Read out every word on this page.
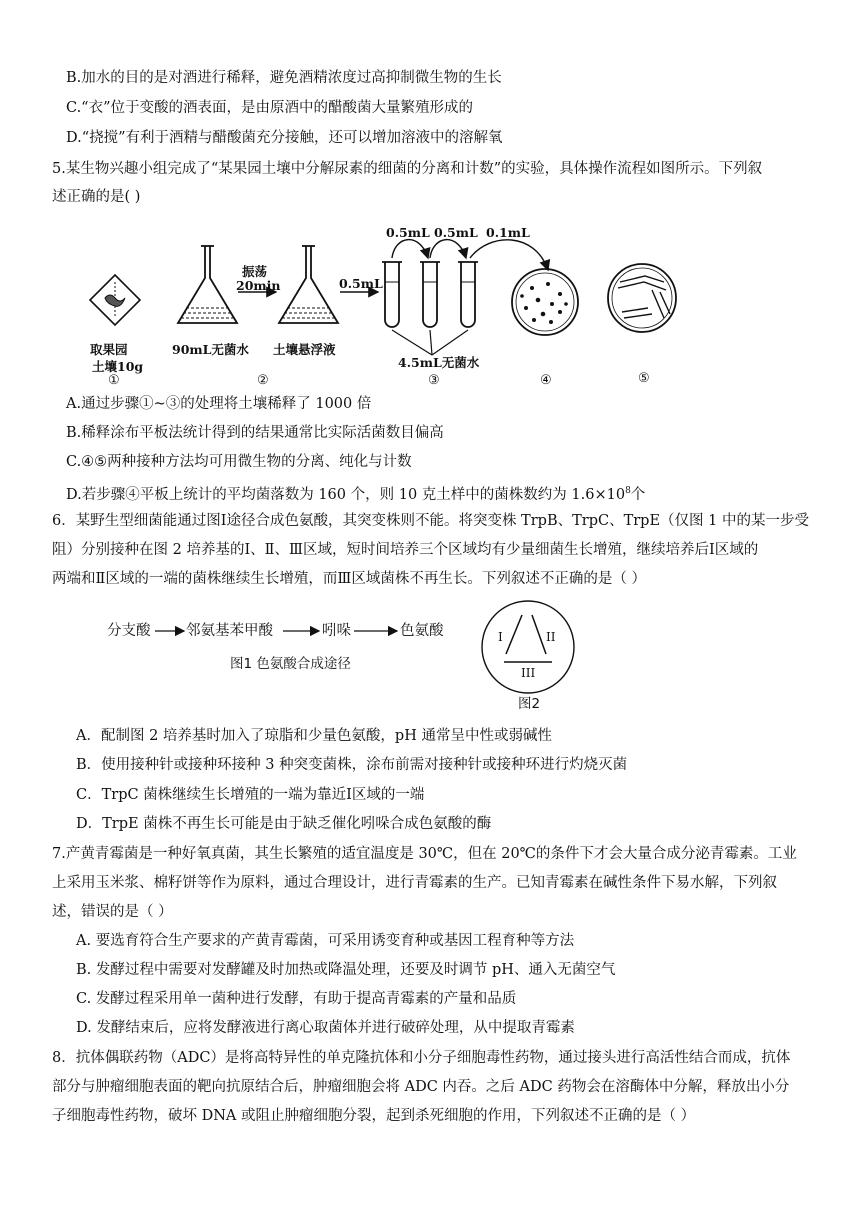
B.加水的目的是对酒进行稀释，避免酒精浓度过高抑制微生物的生长
C.“衣”位于变酸的酒表面，是由原酒中的醋酸菌大量繁殖形成的
D.“挠搅”有利于酒精与醋酸菌充分接触，还可以增加溶液中的溶解氧
5.某生物兴趣小组完成了“某果园土壤中分解尿素的细菌的分离和计数”的实验，具体操作流程如图所示。下列叙
述正确的是( )
0.5mL 0.5mL 0.1mL
振荡
20min	0.5mL
取果园
土壤10g
90mL无菌水 土壤悬浮液
4.5mL无菌水
①	②	③	④	⑤
A.通过步骤①~③的处理将土壤稀释了 1000 倍
B.稀释涂布平板法统计得到的结果通常比实际活菌数目偏高
C.④⑤两种接种方法均可用微生物的分离、纯化与计数
D.若步骤④平板上统计的平均菌落数为 160 个，则 10 克土样中的菌株数约为 $1.6\times 10^8$个
6．某野生型细菌能通过图Ⅰ途径合成色氨酸，其突变株则不能。将突变株 TrpB、TrpC、TrpE（仅图 1 中的某一步受
阻）分别接种在图 2 培养基的Ⅰ、Ⅱ、Ⅲ区域，短时间培养三个区域均有少量细菌生长增殖，继续培养后Ⅰ区域的
两端和Ⅱ区域的一端的菌株继续生长增殖，而Ⅲ区域菌株不再生长。下列叙述不正确的是（ ）
分支酸 邻氨基苯甲酸	吲哚	色氨酸
图1 色氨酸合成途径
I	II
III
图2
A．配制图 2 培养基时加入了琼脂和少量色氨酸，pH 通常呈中性或弱碱性
B．使用接种针或接种环接种 3 种突变菌株，涂布前需对接种针或接种环进行灼烧灭菌
C．TrpC 菌株继续生长增殖的一端为靠近Ⅰ区域的一端
D．TrpE 菌株不再生长可能是由于缺乏催化吲哚合成色氨酸的酶
7.产黄青霉菌是一种好氧真菌，其生长繁殖的适宜温度是 30℃，但在 20℃的条件下才会大量合成分泌青霉素。工业
上采用玉米浆、棉籽饼等作为原料，通过合理设计，进行青霉素的生产。已知青霉素在碱性条件下易水解，下列叙
述，错误的是（ ）
A. 要选育符合生产要求的产黄青霉菌，可采用诱变育种或基因工程育种等方法
B. 发酵过程中需要对发酵罐及时加热或降温处理，还要及时调节 pH、通入无菌空气
C. 发酵过程采用单一菌种进行发酵，有助于提高青霉素的产量和品质
D. 发酵结束后，应将发酵液进行离心取菌体并进行破碎处理，从中提取青霉素
8．抗体偶联药物（ADC）是将高特异性的单克隆抗体和小分子细胞毒性药物，通过接头进行高活性结合而成，抗体
部分与肿瘤细胞表面的靶向抗原结合后，肿瘤细胞会将 ADC 内吞。之后 ADC 药物会在溶酶体中分解，释放出小分
子细胞毒性药物，破坏 DNA 或阻止肿瘤细胞分裂，起到杀死细胞的作用，下列叙述不正确的是（ ）
